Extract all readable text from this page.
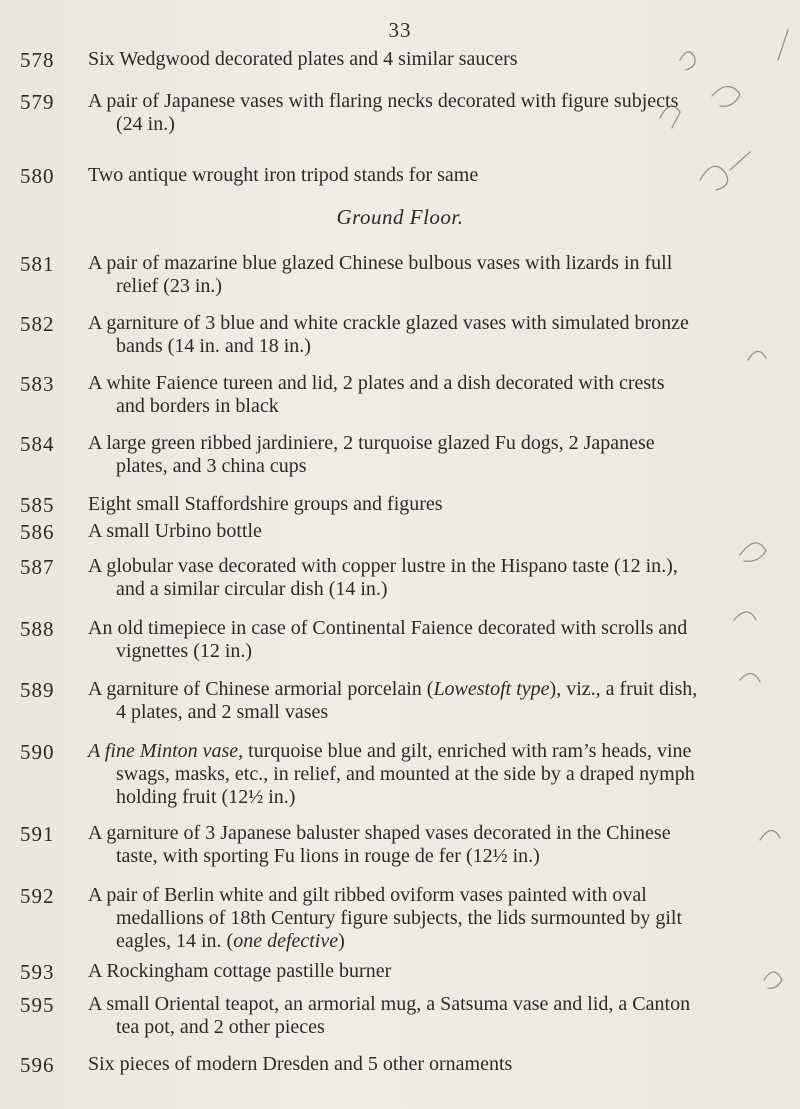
33
578	Six Wedgwood decorated plates and 4 similar saucers
579	A pair of Japanese vases with flaring necks decorated with figure subjects
(24 in.)
580	Two antique wrought iron tripod stands for same
Ground Floor.
581	A pair of mazarine blue glazed Chinese bulbous vases with lizards in full
relief (23 in.)
582	A garniture of 3 blue and white crackle glazed vases with simulated bronze
bands (14 in. and 18 in.)
583	A white Faience tureen and lid, 2 plates and a dish decorated with crests
and borders in black
584	A large green ribbed jardiniere, 2 turquoise glazed Fu dogs, 2 Japanese
plates, and 3 china cups
585	Eight small Staffordshire groups and figures
586	A small Urbino bottle
587	A globular vase decorated with copper lustre in the Hispano taste (12 in.),
and a similar circular dish (14 in.)
588	An old timepiece in case of Continental Faience decorated with scrolls and
vignettes (12 in.)
589	A garniture of Chinese armorial porcelain (Lowestoft type), viz., a fruit dish,
4 plates, and 2 small vases
590	A fine Minton vase, turquoise blue and gilt, enriched with ram’s heads, vine
swags, masks, etc., in relief, and mounted at the side by a draped nymph
holding fruit (12½ in.)
591	A garniture of 3 Japanese baluster shaped vases decorated in the Chinese
taste, with sporting Fu lions in rouge de fer (12½ in.)
592	A pair of Berlin white and gilt ribbed oviform vases painted with oval
medallions of 18th Century figure subjects, the lids surmounted by gilt
eagles, 14 in. (one defective)
593	A Rockingham cottage pastille burner
595	A small Oriental teapot, an armorial mug, a Satsuma vase and lid, a Canton
tea pot, and 2 other pieces
596	Six pieces of modern Dresden and 5 other ornaments
